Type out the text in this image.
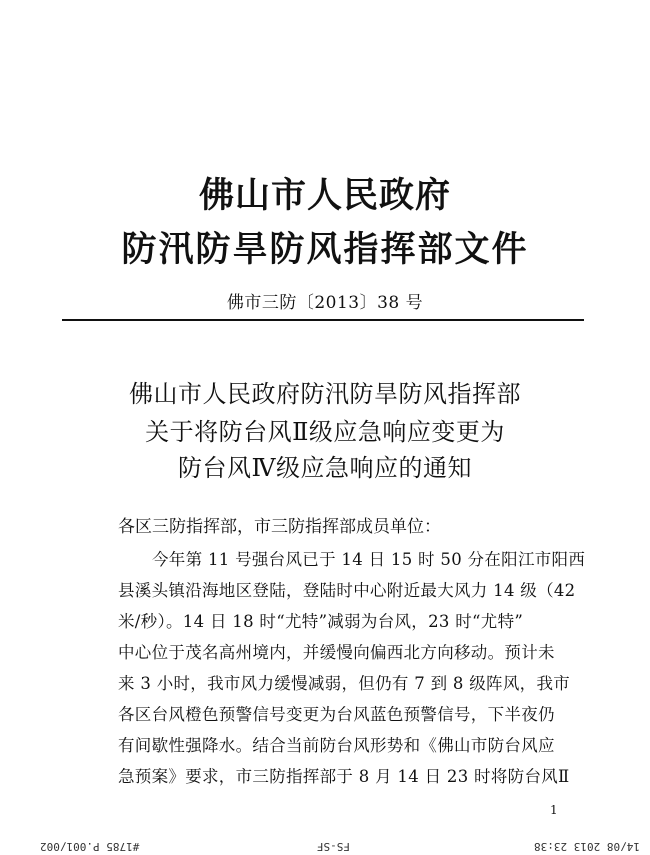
佛山市人民政府
防汛防旱防风指挥部文件
佛市三防〔2013〕38 号
佛山市人民政府防汛防旱防风指挥部
关于将防台风Ⅱ级应急响应变更为
防台风Ⅳ级应急响应的通知
各区三防指挥部，市三防指挥部成员单位：
今年第 11 号强台风已于 14 日 15 时 50 分在阳江市阳西
县溪头镇沿海地区登陆，登陆时中心附近最大风力 14 级（42
米/秒）。14 日 18 时“尤特”减弱为台风，23 时“尤特”
中心位于茂名高州境内，并缓慢向偏西北方向移动。预计未
来 3 小时，我市风力缓慢减弱，但仍有 7 到 8 级阵风，我市
各区台风橙色预警信号变更为台风蓝色预警信号，下半夜仍
有间歇性强降水。结合当前防台风形势和《佛山市防台风应
急预案》要求，市三防指挥部于 8 月 14 日 23 时将防台风Ⅱ
1
14/08 2013 23:38
FS-SF
#1785 P.001/002
